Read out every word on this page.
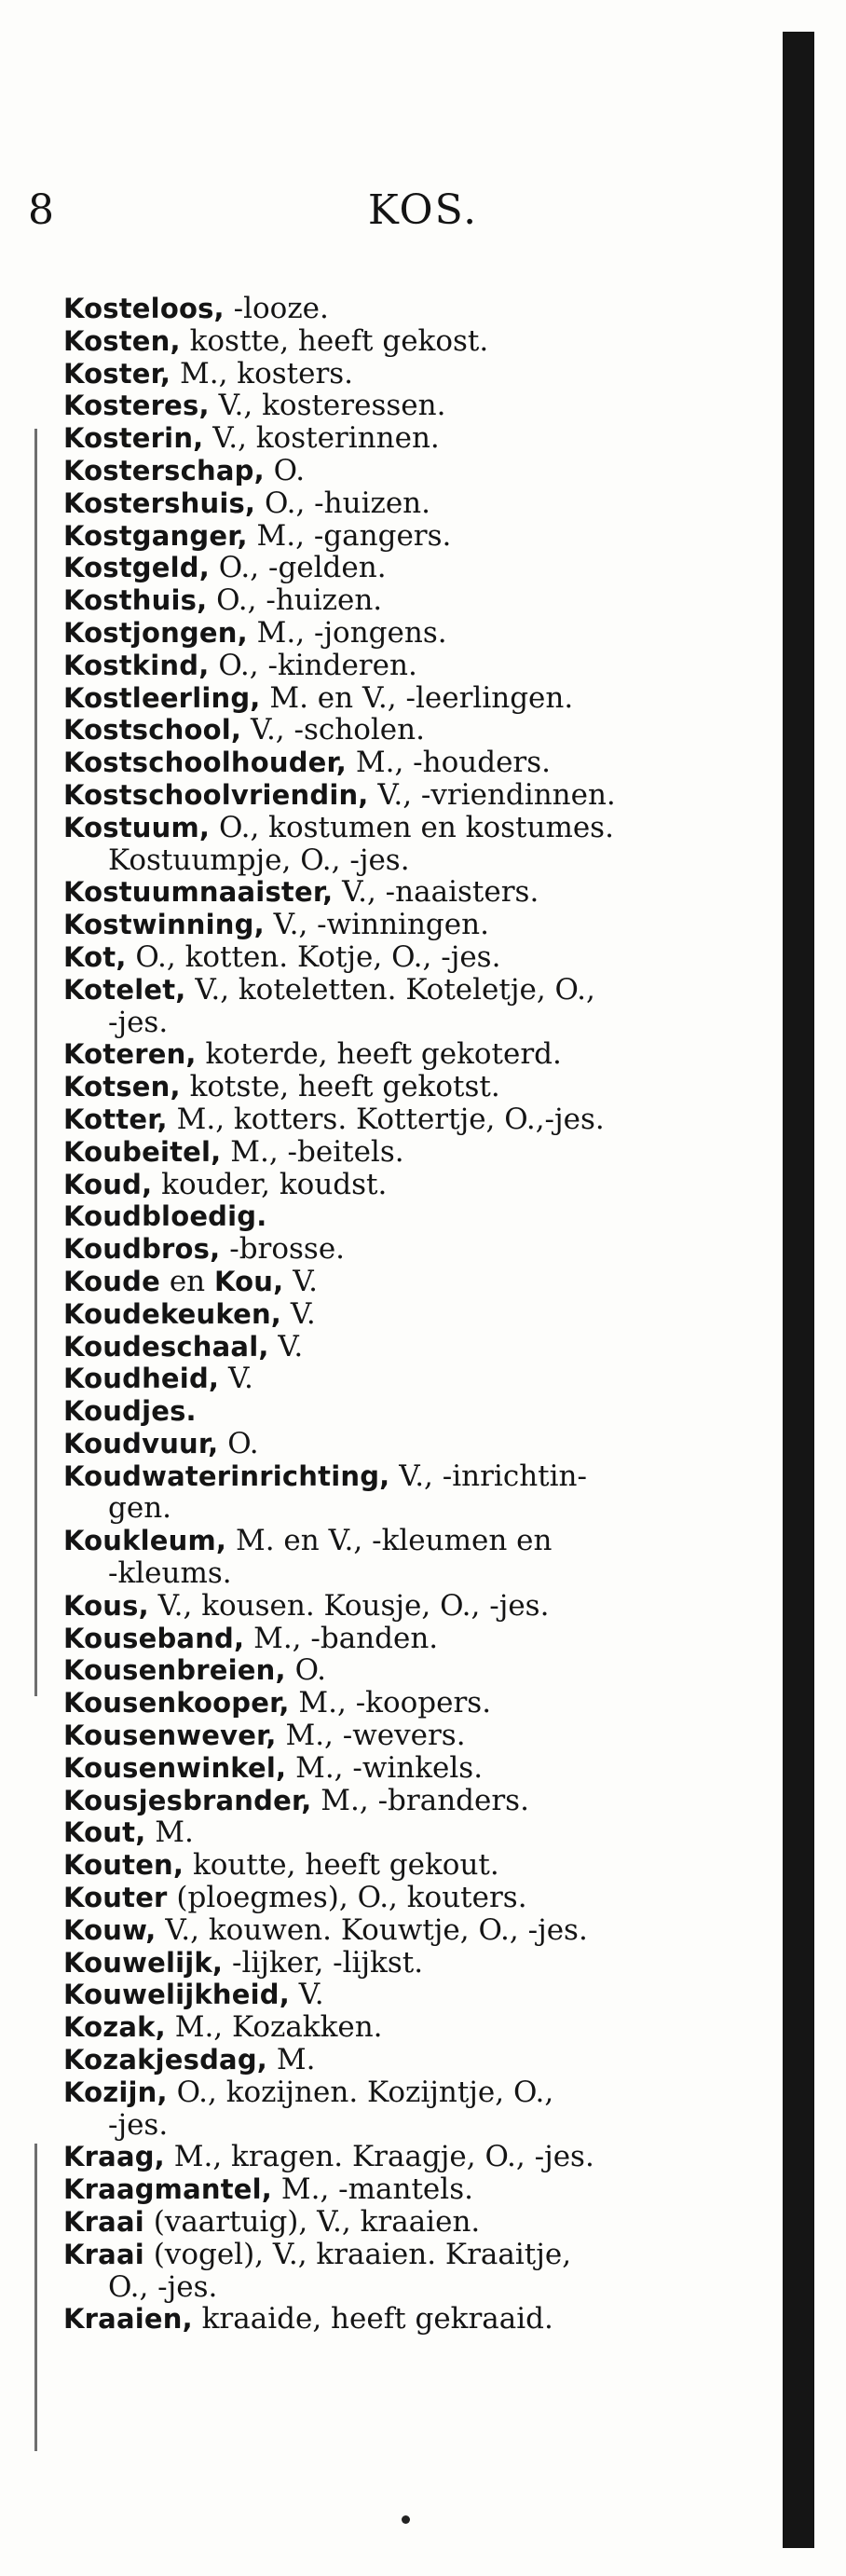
8	KOS.
Kosteloos, -looze.
Kosten, kostte, heeft gekost.
Koster, M., kosters.
Kosteres, V., kosteressen.
Kosterin, V., kosterinnen.
Kosterschap, O.
Kostershuis, O., -huizen.
Kostganger, M., -gangers.
Kostgeld, O., -gelden.
Kosthuis, O., -huizen.
Kostjongen, M., -jongens.
Kostkind, O., -kinderen.
Kostleerling, M. en V., -leerlingen.
Kostschool, V., -scholen.
Kostschoolhouder, M., -houders.
Kostschoolvriendin, V., -vriendinnen.
Kostuum, O., kostumen en kostumes.
Kostuumpje, O., -jes.
Kostuumnaaister, V., -naaisters.
Kostwinning, V., -winningen.
Kot, O., kotten. Kotje, O., -jes.
Kotelet, V., koteletten. Koteletje, O.,
-jes.
Koteren, koterde, heeft gekoterd.
Kotsen, kotste, heeft gekotst.
Kotter, M., kotters. Kottertje, O.,-jes.
Koubeitel, M., -beitels.
Koud, kouder, koudst.
Koudbloedig.
Koudbros, -brosse.
Koude en Kou, V.
Koudekeuken, V.
Koudeschaal, V.
Koudheid, V.
Koudjes.
Koudvuur, O.
Koudwaterinrichting, V., -inrichtin-
gen.
Koukleum, M. en V., -kleumen en
-kleums.
Kous, V., kousen. Kousje, O., -jes.
Kouseband, M., -banden.
Kousenbreien, O.
Kousenkooper, M., -koopers.
Kousenwever, M., -wevers.
Kousenwinkel, M., -winkels.
Kousjesbrander, M., -branders.
Kout, M.
Kouten, koutte, heeft gekout.
Kouter (ploegmes), O., kouters.
Kouw, V., kouwen. Kouwtje, O., -jes.
Kouwelijk, -lijker, -lijkst.
Kouwelijkheid, V.
Kozak, M., Kozakken.
Kozakjesdag, M.
Kozijn, O., kozijnen. Kozijntje, O.,
-jes.
Kraag, M., kragen. Kraagje, O., -jes.
Kraagmantel, M., -mantels.
Kraai (vaartuig), V., kraaien.
Kraai (vogel), V., kraaien. Kraaitje,
O., -jes.
Kraaien, kraaide, heeft gekraaid.
